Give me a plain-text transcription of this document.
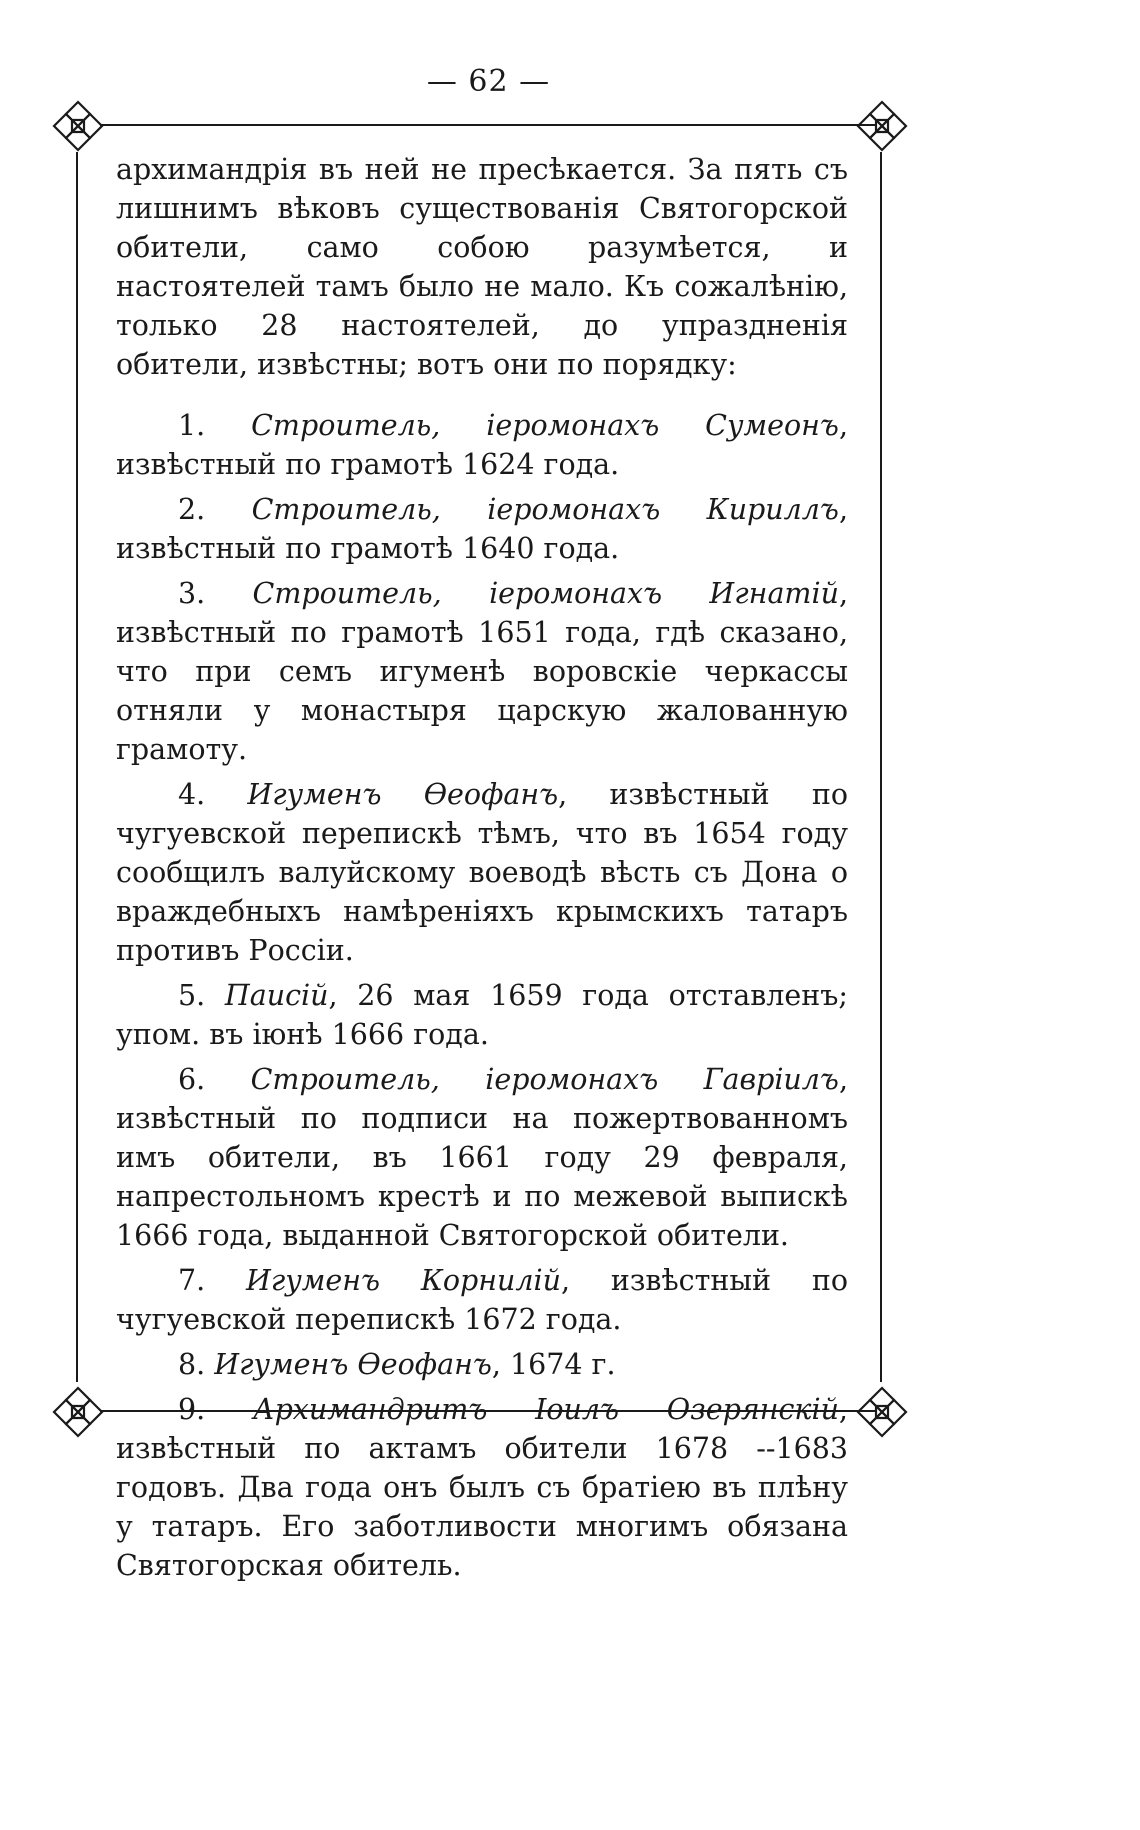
— 62 —

архимандрія въ ней не пресѣкается. За пять съ лишнимъ вѣковъ существованія Святогорской обители, само собою разумѣется, и настоятелей тамъ было не мало. Къ сожалѣнію, только 28 настоятелей, до упраздненія обители, извѣстны; вотъ они по порядку:

1. Строитель, іеромонахъ Сумеонъ, извѣстный по грамотѣ 1624 года.

2. Строитель, іеромонахъ Кириллъ, извѣстный по грамотѣ 1640 года.

3. Строитель, іеромонахъ Игнатій, извѣстный по грамотѣ 1651 года, гдѣ сказано, что при семъ игуменѣ воровскіе черкассы отняли у монастыря царскую жалованную грамоту.

4. Игуменъ Өеофанъ, извѣстный по чугуевской перепискѣ тѣмъ, что въ 1654 году сообщилъ валуйскому воеводѣ вѣсть съ Дона о враждебныхъ намѣреніяхъ крымскихъ татаръ противъ Россіи.

5. Паисій, 26 мая 1659 года отставленъ; упом. въ іюнѣ 1666 года.

6. Строитель, іеромонахъ Гавріилъ, извѣстный по подписи на пожертвованномъ имъ обители, въ 1661 году 29 февраля, напрестольномъ крестѣ и по межевой выпискѣ 1666 года, выданной Святогорской обители.

7. Игуменъ Корнилій, извѣстный по чугуевской перепискѣ 1672 года.

8. Игуменъ Өеофанъ, 1674 г.

9. Архимандритъ Іоилъ Озерянскій, извѣстный по актамъ обители 1678 --1683 годовъ. Два года онъ былъ съ братіею въ плѣну у татаръ. Его заботливости многимъ обязана Святогорская обитель.
